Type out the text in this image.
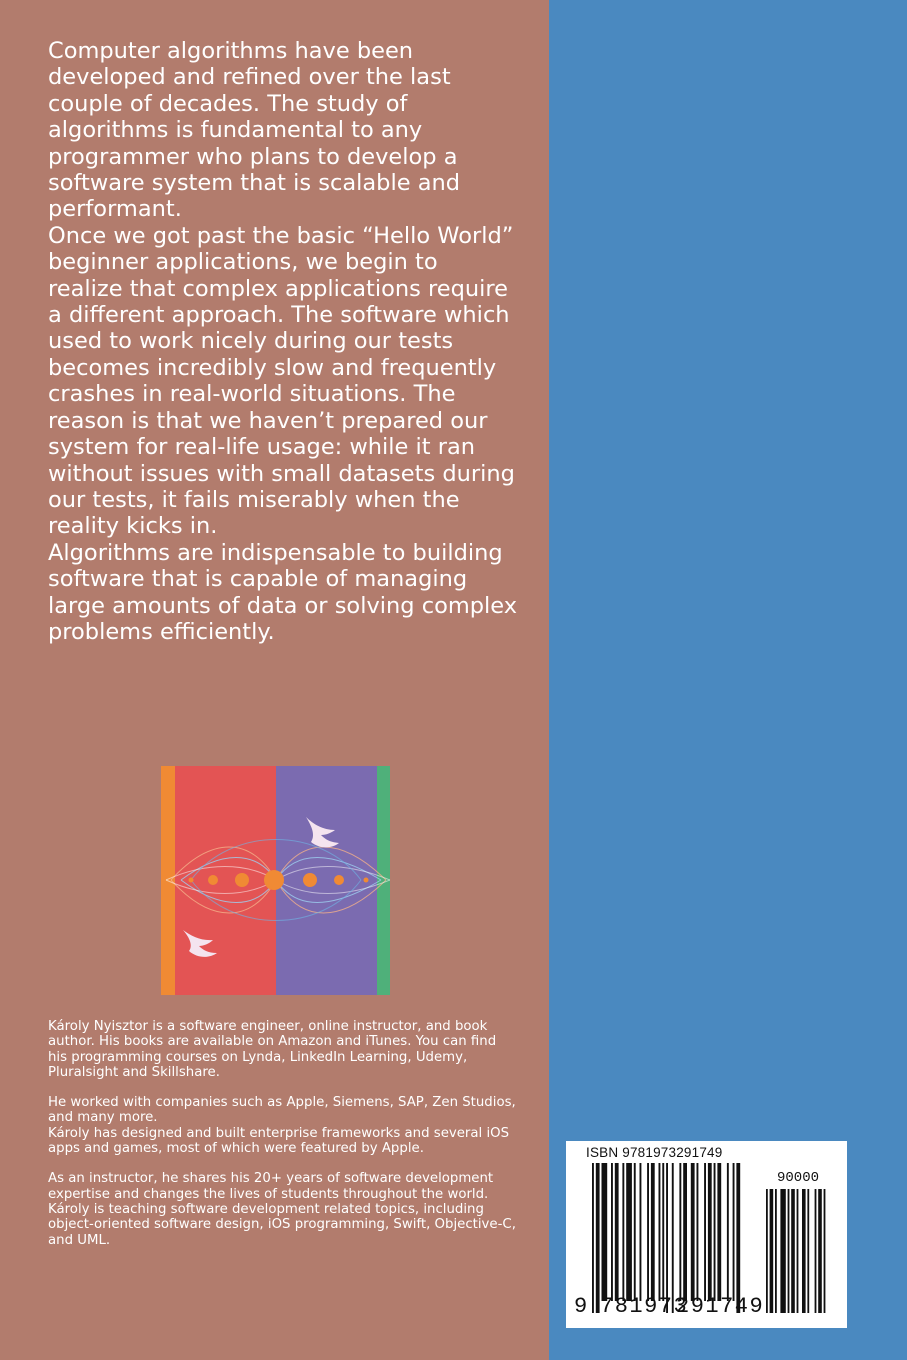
Computer algorithms have been developed and refined over the last couple of decades. The study of algorithms is fundamental to any programmer who plans to develop a software system that is scalable and performant.

Once we got past the basic “Hello World” beginner applications, we begin to realize that complex applications require a different approach. The software which used to work nicely during our tests becomes incredibly slow and frequently crashes in real-world situations. The reason is that we haven’t prepared our system for real-life usage: while it ran without issues with small datasets during our tests, it fails miserably when the reality kicks in.

Algorithms are indispensable to building software that is capable of managing large amounts of data or solving complex problems efficiently.

Károly Nyisztor is a software engineer, online instructor, and book author. His books are available on Amazon and iTunes. You can find his programming courses on Lynda, LinkedIn Learning, Udemy, Pluralsight and Skillshare.

He worked with companies such as Apple, Siemens, SAP, Zen Studios, and many more.

Károly has designed and built enterprise frameworks and several iOS apps and games, most of which were featured by Apple.

As an instructor, he shares his 20+ years of software development expertise and changes the lives of students throughout the world.

Károly is teaching software development related topics, including object-oriented software design, iOS programming, Swift, Objective-C, and UML.

ISBN 9781973291749
90000
9 781973
291749
